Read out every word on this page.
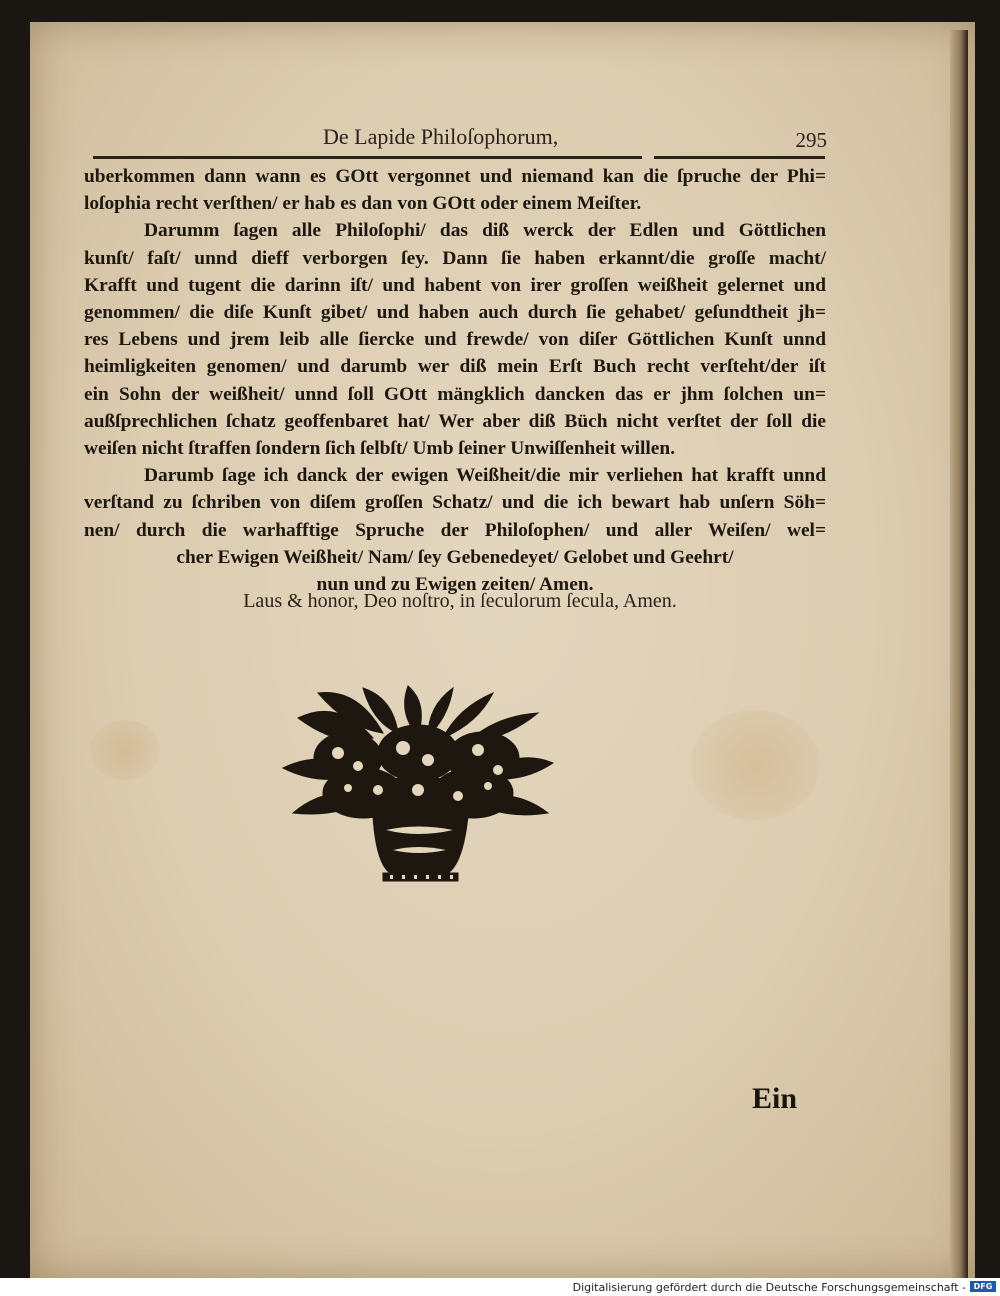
De Lapide Philoſophorum,	295
uberkommen dann wann es GOtt vergonnet und niemand kan die ſpruche der Phi=
loſophia recht verſthen/ er hab es dan von GOtt oder einem Meiſter.
Darumm ſagen alle Philoſophi/ das diß werck der Edlen und Göttlichen
kunſt/ faſt/ unnd dieff verborgen ſey. Dann ſie haben erkannt/die groſſe macht/
Krafft und tugent die darinn iſt/ und habent von irer groſſen weißheit gelernet und
genommen/ die diſe Kunſt gibet/ und haben auch durch ſie gehabet/ geſundtheit jh=
res Lebens und jrem leib alle ſiercke und frewde/ von diſer Göttlichen Kunſt unnd
heimligkeiten genomen/ und darumb wer diß mein Erſt Buch recht verſteht/der iſt
ein Sohn der weißheit/ unnd ſoll GOtt mängklich dancken das er jhm ſolchen un=
außſprechlichen ſchatz geoffenbaret hat/ Wer aber diß Büch nicht verſtet der ſoll die
weiſen nicht ſtraffen ſondern ſich ſelbſt/ Umb ſeiner Unwiſſenheit willen.
Darumb ſage ich danck der ewigen Weißheit/die mir verliehen hat krafft unnd
verſtand zu ſchriben von diſem groſſen Schatz/ und die ich bewart hab unſern Söh=
nen/ durch die warhafftige Spruche der Philoſophen/ und aller Weiſen/ wel=
cher Ewigen Weißheit/ Nam/ ſey Gebenedeyet/ Gelobet und Geehrt/
nun und zu Ewigen zeiten/ Amen.
Laus & honor, Deo noſtro, in ſeculorum ſecula, Amen.
Ein
Digitalisierung gefördert durch die Deutsche Forschungsgemeinschaft - DFG
